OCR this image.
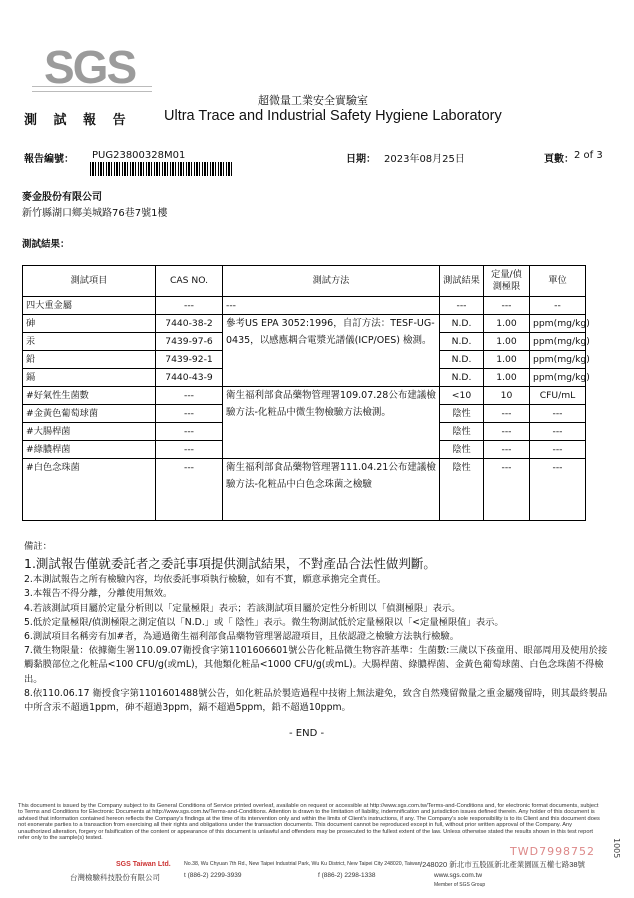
SGS
超微量工業安全實驗室
測 試 報 告 Ultra Trace and Industrial Safety Hygiene Laboratory
報告編號： PUG23800328M01	日期： 2023年08月25日	頁數： 2 of 3
麥金股份有限公司
新竹縣湖口鄉美城路76巷7號1樓
測試結果：
測試項目	CAS NO.	測試方法	測試結果	定量/偵測極限	單位
四大重金屬	---	---	---	---	--
砷	7440-38-2	參考US EPA 3052:1996，自訂方法：TESF-UG-0435，以感應耦合電漿光譜儀(ICP/OES) 檢測。	N.D.	1.00	ppm(mg/kg)
汞	7439-97-6		N.D.	1.00	ppm(mg/kg)
鉛	7439-92-1		N.D.	1.00	ppm(mg/kg)
鎘	7440-43-9		N.D.	1.00	ppm(mg/kg)
#好氣性生菌數	---	衛生福利部食品藥物管理署109.07.28公布建議檢驗方法-化粧品中微生物檢驗方法檢測。	<10	10	CFU/mL
#金黃色葡萄球菌	---		陰性	---	---
#大腸桿菌	---		陰性	---	---
#綠膿桿菌	---		陰性	---	---
#白色念珠菌	---	衛生福利部食品藥物管理署111.04.21公布建議檢驗方法-化粧品中白色念珠菌之檢驗	陰性	---	---
備註：
1.測試報告僅就委託者之委託事項提供測試結果，不對產品合法性做判斷。
2.本測試報告之所有檢驗內容，均依委託事項執行檢驗，如有不實，願意承擔完全責任。
3.本報告不得分離，分離使用無效。
4.若該測試項目屬於定量分析則以「定量極限」表示；若該測試項目屬於定性分析則以「偵測極限」表示。
5.低於定量極限/偵測極限之測定值以「N.D.」或「 陰性」表示。微生物測試低於定量極限以「<定量極限值」表示。
6.測試項目名稱旁有加#者，為通過衛生福利部食品藥物管理署認證項目，且依認證之檢驗方法執行檢驗。
7.微生物限量：依據衛生署110.09.07衛授食字第1101606601號公告化粧品微生物容許基準：生菌數:三歲以下孩童用、眼部周用及使用於接觸黏膜部位之化粧品<100 CFU/g(或mL)，其他類化粧品<1000 CFU/g(或mL)。大腸桿菌、綠膿桿菌、金黃色葡萄球菌、白色念珠菌不得檢出。
8.依110.06.17 衛授食字第1101601488號公告，如化粧品於製造過程中技術上無法避免，致含自然殘留微量之重金屬殘留時，則其最終製品中所含汞不超過1ppm，砷不超過3ppm，鎘不超過5ppm，鉛不超過10ppm。
- END -
This document is issued by the Company subject to its General Conditions of Service printed overleaf, available on request or accessible at http://www.sgs.com.tw/Terms-and-Conditions and, for electronic format documents, subject to Terms and Conditions for Electronic Documents at http://www.sgs.com.tw/Terms-and-Conditions. Attention is drawn to the limitation of liability, indemnification and jurisdiction issues defined therein. Any holder of this document is advised that information contained hereon reflects the Company's findings at the time of its intervention only and within the limits of Client's instructions, if any. The Company's sole responsibility is to its Client and this document does not exonerate parties to a transaction from exercising all their rights and obligations under the transaction documents. This document cannot be reproduced except in full, without prior written approval of the Company. Any unauthorized alteration, forgery or falsification of the content or appearance of this document is unlawful and offenders may be prosecuted to the fullest extent of the law. Unless otherwise stated the results shown in this test report refer only to the sample(s) tested.
TWD7998752
SGS Taiwan Ltd.
台灣檢驗科技股份有限公司
No.38, Wu Chyuan 7th Rd., New Taipei Industrial Park, Wu Ku District, New Taipei City 248020, Taiwan /248020 新北市五股區新北產業園區五權七路38號
t (886-2) 2299-3939	f (886-2) 2298-1338	www.sgs.com.tw
Member of SGS Group
1005
